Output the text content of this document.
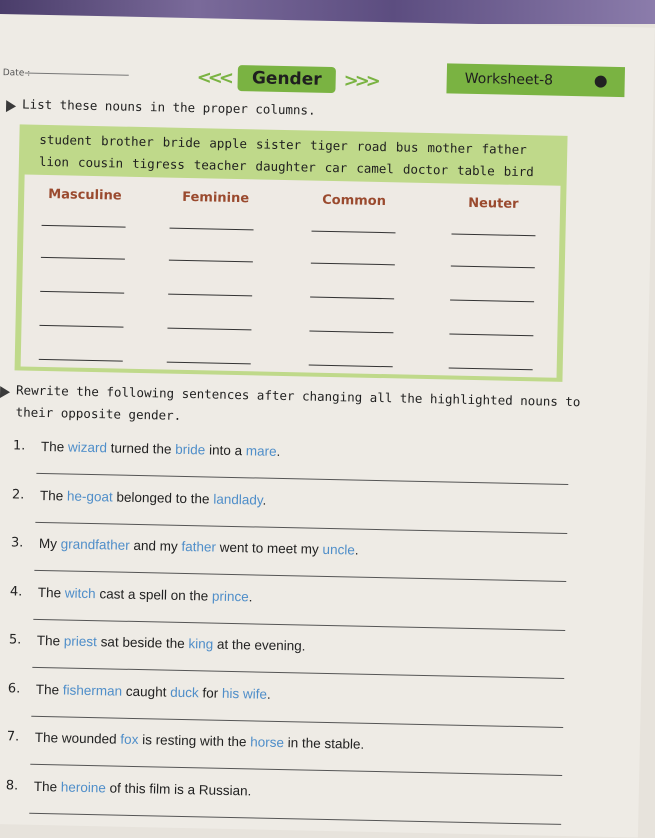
Date :	<<<	Gender	>>>	Worksheet-8
List these nouns in the proper columns.
student brother bride apple sister tiger road bus mother father
lion cousin tigress teacher daughter car camel doctor table bird
Masculine	Feminine	Common	Neuter
Rewrite the following sentences after changing all the highlighted nouns to
their opposite gender.
1. The wizard turned the bride into a mare.
2. The he-goat belonged to the landlady.
3. My grandfather and my father went to meet my uncle.
4. The witch cast a spell on the prince.
5. The priest sat beside the king at the evening.
6. The fisherman caught duck for his wife.
7. The wounded fox is resting with the horse in the stable.
8. The heroine of this film is a Russian.
